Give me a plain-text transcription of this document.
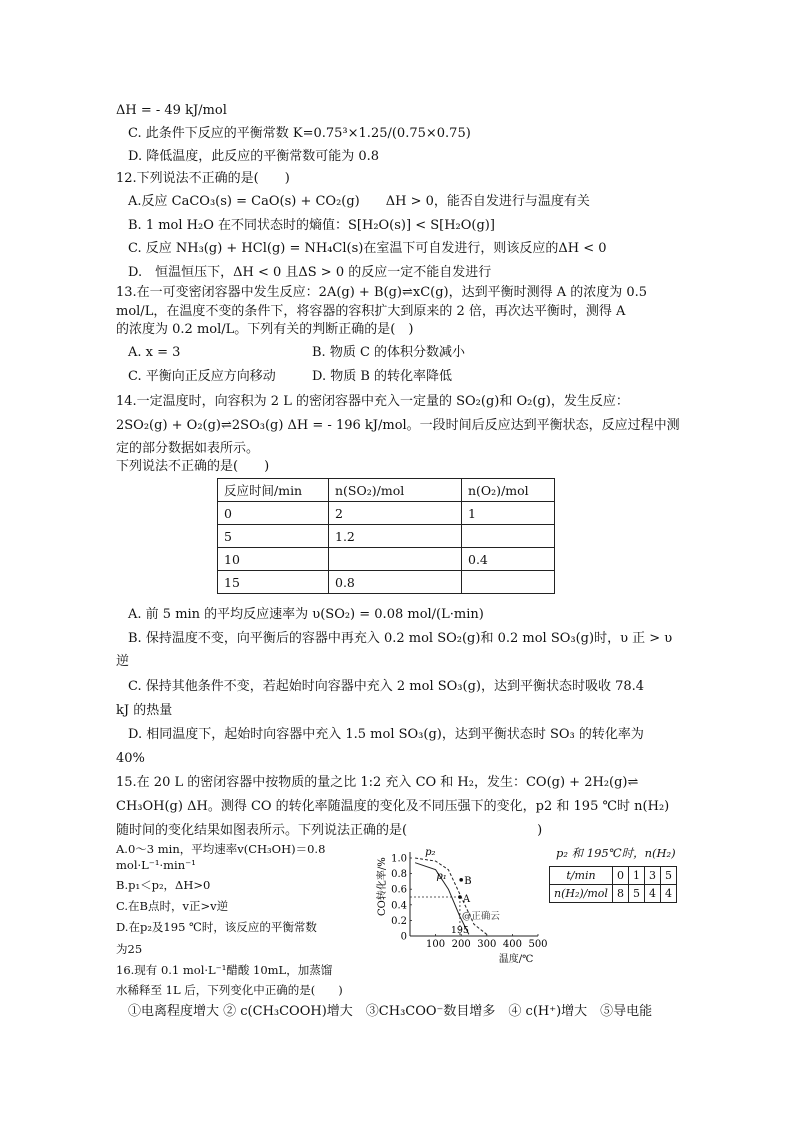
ΔH = - 49 kJ/mol
C. 此条件下反应的平衡常数 K=0.75³×1.25/(0.75×0.75)
D. 降低温度，此反应的平衡常数可能为 0.8
12.下列说法不正确的是(　　)
A.反应 CaCO₃(s) = CaO(s) + CO₂(g)　　ΔH > 0，能否自发进行与温度有关
B. 1 mol H₂O 在不同状态时的熵值：S[H₂O(s)] < S[H₂O(g)]
C. 反应 NH₃(g) + HCl(g) = NH₄Cl(s)在室温下可自发进行，则该反应的ΔH < 0
D.　恒温恒压下，ΔH < 0 且ΔS > 0 的反应一定不能自发进行
13.在一可变密闭容器中发生反应：2A(g) + B(g)⇌xC(g)，达到平衡时测得 A 的浓度为 0.5
mol/L，在温度不变的条件下，将容器的容积扩大到原来的 2 倍，再次达平衡时，测得 A
的浓度为 0.2 mol/L。下列有关的判断正确的是(　)
A. x = 3	B. 物质 C 的体积分数减小
C. 平衡向正反应方向移动	D. 物质 B 的转化率降低
14.一定温度时，向容积为 2 L 的密闭容器中充入一定量的 SO₂(g)和 O₂(g)，发生反应：
2SO₂(g) + O₂(g)⇌2SO₃(g) ΔH = - 196 kJ/mol。一段时间后反应达到平衡状态，反应过程中测
定的部分数据如表所示。
下列说法不正确的是(　　)
反应时间/min	n(SO₂)/mol	n(O₂)/mol
0	2	1
5	1.2	
10		0.4
15	0.8	
A. 前 5 min 的平均反应速率为 υ(SO₂) = 0.08 mol/(L·min)
B. 保持温度不变，向平衡后的容器中再充入 0.2 mol SO₂(g)和 0.2 mol SO₃(g)时，υ 正 > υ
逆
C. 保持其他条件不变，若起始时向容器中充入 2 mol SO₃(g)，达到平衡状态时吸收 78.4
kJ 的热量
D. 相同温度下，起始时向容器中充入 1.5 mol SO₃(g)，达到平衡状态时 SO₃ 的转化率为
40%
15.在 20 L 的密闭容器中按物质的量之比 1:2 充入 CO 和 H₂，发生：CO(g) + 2H₂(g)⇌
CH₃OH(g) ΔH。测得 CO 的转化率随温度的变化及不同压强下的变化，p2 和 195 ℃时 n(H₂)
随时间的变化结果如图表所示。下列说法正确的是(　　　　　　　　　　)
A.0～3 min，平均速率v(CH₃OH)＝0.8
mol·L⁻¹·min⁻¹
B.p₁＜p₂，ΔH>0
C.在B点时，v正>v逆
D.在p₂及195 ℃时，该反应的平衡常数
为25
16.现有 0.1 mol·L⁻¹醋酸 10mL，加蒸馏
水稀释至 1L 后，下列变化中正确的是(　　)
①电离程度增大 ② c(CH₃COOH)增大　③CH₃COO⁻数目增多　④ c(H⁺)增大　⑤导电能
100 200 300 400 500
0
0.2
0.4
0.6
0.8
1.0
p₂
p₁ B
A
195
@正确云
CO转化率/%
温度/℃
p₂ 和 195℃时，n(H₂)
t/min	0	1	3	5
n(H₂)/mol	8	5	4	4
